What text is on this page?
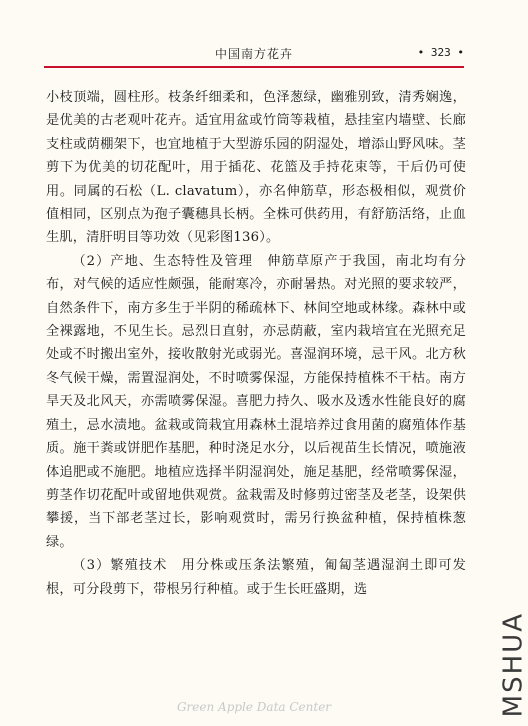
中国南方花卉	• 323 •

小枝顶端，圆柱形。枝条纤细柔和，色泽葱绿，幽雅别致，清秀娴逸，是优美的古老观叶花卉。适宜用盆或竹筒等栽植，悬挂室内墙壁、长廊支柱或荫棚架下，也宜地植于大型游乐园的阴湿处，增添山野风味。茎剪下为优美的切花配叶，用于插花、花篮及手持花束等，干后仍可使用。同属的石松（L. clavatum），亦名伸筋草，形态极相似，观赏价值相同，区别点为孢子囊穗具长柄。全株可供药用，有舒筋活络，止血生肌，清肝明目等功效（见彩图136）。

（2）产地、生态特性及管理　伸筋草原产于我国，南北均有分布，对气候的适应性颇强，能耐寒冷，亦耐暑热。对光照的要求较严，自然条件下，南方多生于半阴的稀疏林下、林间空地或林缘。森林中或全裸露地，不见生长。忌烈日直射，亦忌荫蔽，室内栽培宜在光照充足处或不时搬出室外，接收散射光或弱光。喜湿润环境，忌干风。北方秋冬气候干燥，需置湿润处，不时喷雾保湿，方能保持植株不干枯。南方旱天及北风天，亦需喷雾保湿。喜肥力持久、吸水及透水性能良好的腐殖土，忌水渍地。盆栽或筒栽宜用森林土混培养过食用菌的腐殖体作基质。施干粪或饼肥作基肥，种时浇足水分，以后视苗生长情况，喷施液体追肥或不施肥。地植应选择半阴湿润处，施足基肥，经常喷雾保湿，剪茎作切花配叶或留地供观赏。盆栽需及时修剪过密茎及老茎，设架供攀援，当下部老茎过长，影响观赏时，需另行换盆种植，保持植株葱绿。

（3）繁殖技术　用分株或压条法繁殖，匍匐茎遇湿润土即可发根，可分段剪下，带根另行种植。或于生长旺盛期，选

MSHUA
Green Apple Data Center
